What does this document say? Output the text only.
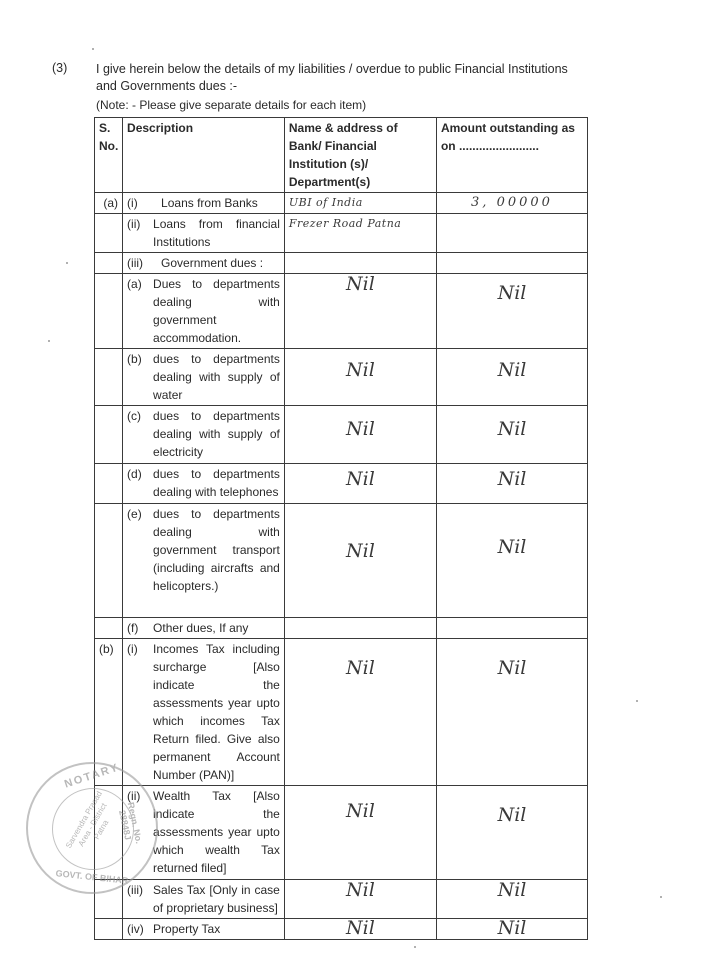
(3) I give herein below the details of my liabilities / overdue to public Financial Institutions and Governments dues :-
(Note: - Please give separate details for each item)
S. No.	Description	Name & address of Bank/ Financial Institution (s)/ Department(s)	Amount outstanding as on ........................
(a)	(i) Loans from Banks	UBI of India	3, 00000

	(ii) Loans from financial Institutions	Frezer Road Patna	

	(iii) Government dues :		

	(a) Dues to departments dealing with government accommodation.	Nil	Nil

	(b) dues to departments dealing with supply of water	Nil	Nil

	(c) dues to departments dealing with supply of electricity	Nil	Nil

	(d) dues to departments dealing with telephones	Nil	Nil

	(e) dues to departments dealing with government transport (including aircrafts and helicopters.)	Nil	Nil

	(f) Other dues, If any		

(b)	(i) Incomes Tax including surcharge [Also indicate the assessments year upto which incomes Tax Return filed. Give also permanent Account Number (PAN)]	Nil	Nil

	(ii) Wealth Tax [Also indicate the assessments year upto which wealth Tax returned filed]	Nil	Nil

	(iii) Sales Tax [Only in case of proprietary business]	Nil	Nil

	(iv) Property Tax	Nil	Nil
NOTARY
Sarvendra Prasad Area - District Patna	Regn. No. 28848J
GOVT. OF BIHAR
